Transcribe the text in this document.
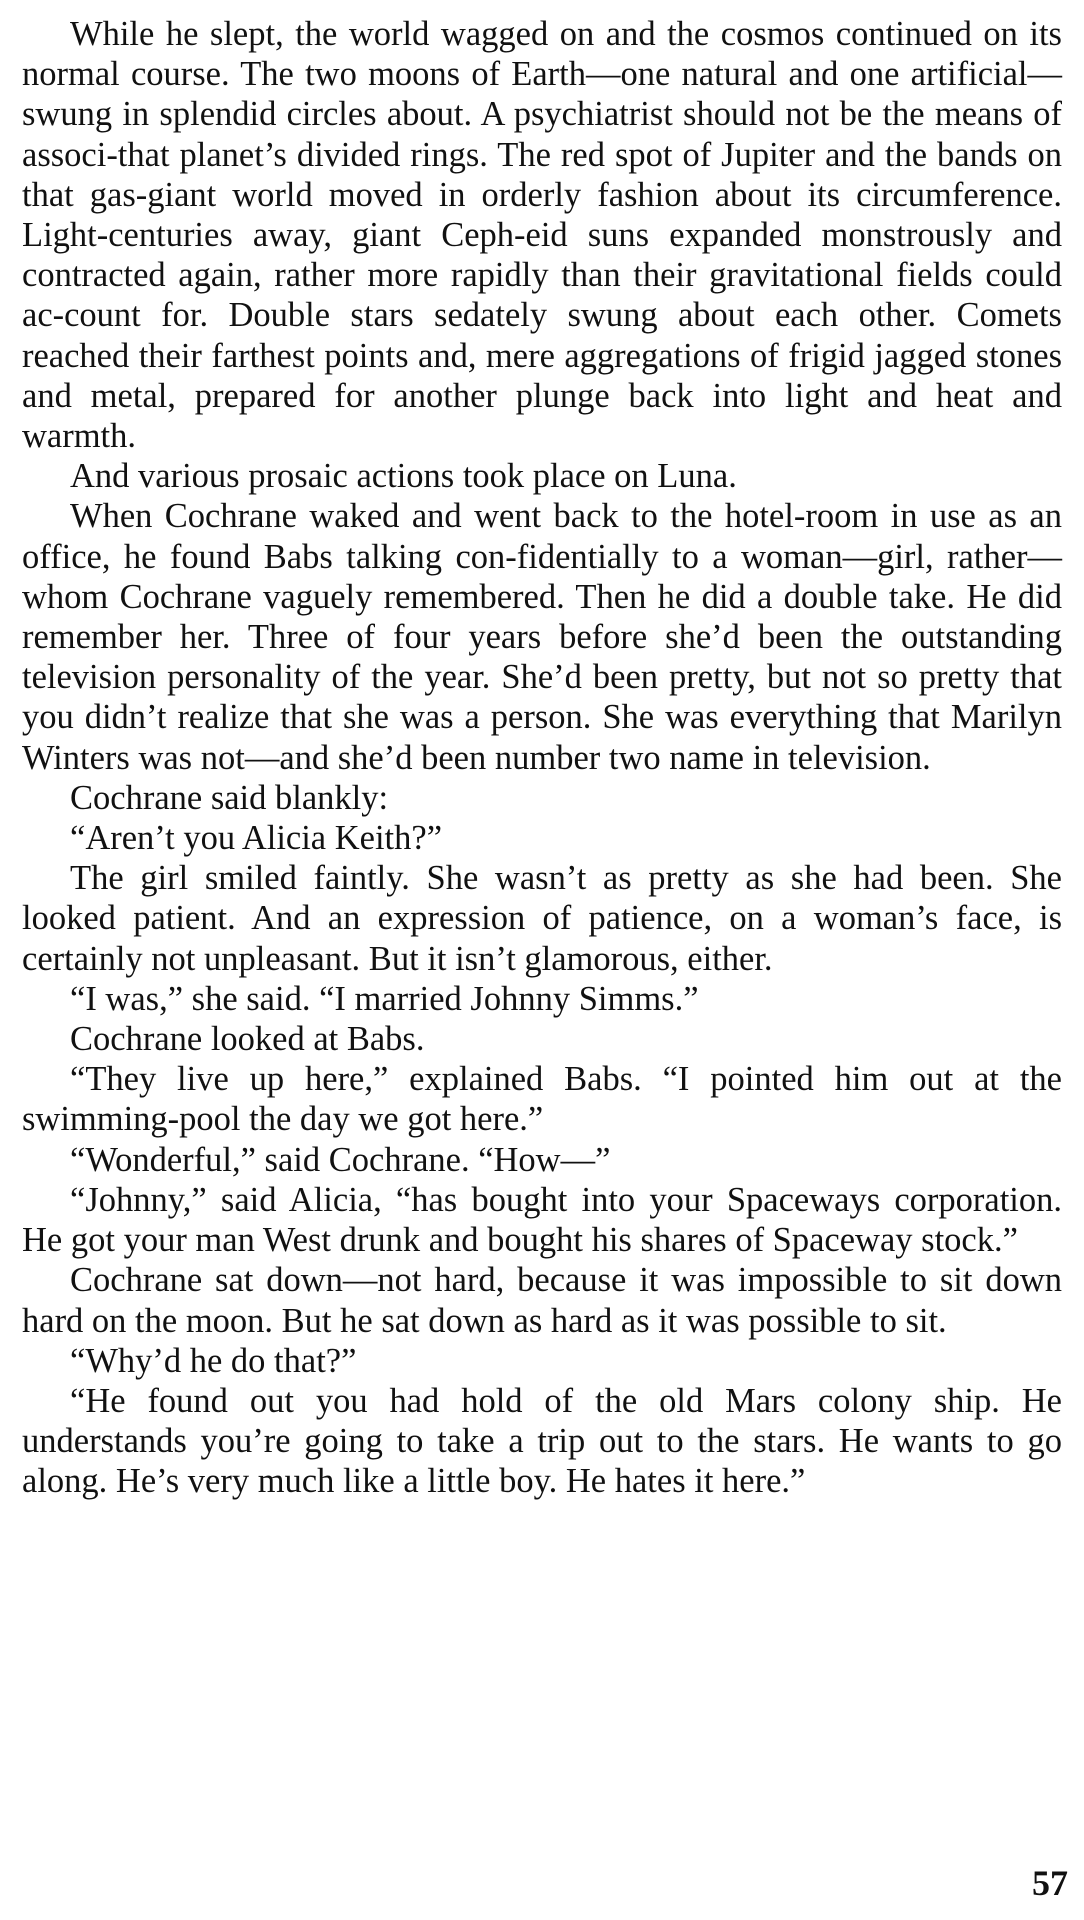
While he slept, the world wagged on and the cosmos continued on its normal course. The two moons of Earth—one natural and one artificial—swung in splendid circles about. A psychiatrist should not be the means of associ-that planet’s divided rings. The red spot of Jupiter and the bands on that gas-giant world moved in orderly fashion about its circumference. Light-centuries away, giant Ceph-eid suns expanded monstrously and contracted again, rather more rapidly than their gravitational fields could ac-count for. Double stars sedately swung about each other. Comets reached their farthest points and, mere aggregations of frigid jagged stones and metal, prepared for another plunge back into light and heat and warmth.

And various prosaic actions took place on Luna.

When Cochrane waked and went back to the hotel-room in use as an office, he found Babs talking con-fidentially to a woman—girl, rather—whom Cochrane vaguely remembered. Then he did a double take. He did remember her. Three of four years before she’d been the outstanding television personality of the year. She’d been pretty, but not so pretty that you didn’t realize that she was a person. She was everything that Marilyn Winters was not—and she’d been number two name in television.

Cochrane said blankly:

“Aren’t you Alicia Keith?”

The girl smiled faintly. She wasn’t as pretty as she had been. She looked patient. And an expression of patience, on a woman’s face, is certainly not unpleasant. But it isn’t glamorous, either.

“I was,” she said. “I married Johnny Simms.”

Cochrane looked at Babs.

“They live up here,” explained Babs. “I pointed him out at the swimming-pool the day we got here.”

“Wonderful,” said Cochrane. “How—”

“Johnny,” said Alicia, “has bought into your Spaceways corporation. He got your man West drunk and bought his shares of Spaceway stock.”

Cochrane sat down—not hard, because it was impossible to sit down hard on the moon. But he sat down as hard as it was possible to sit.

“Why’d he do that?”

“He found out you had hold of the old Mars colony ship. He understands you’re going to take a trip out to the stars. He wants to go along. He’s very much like a little boy. He hates it here.”

57
